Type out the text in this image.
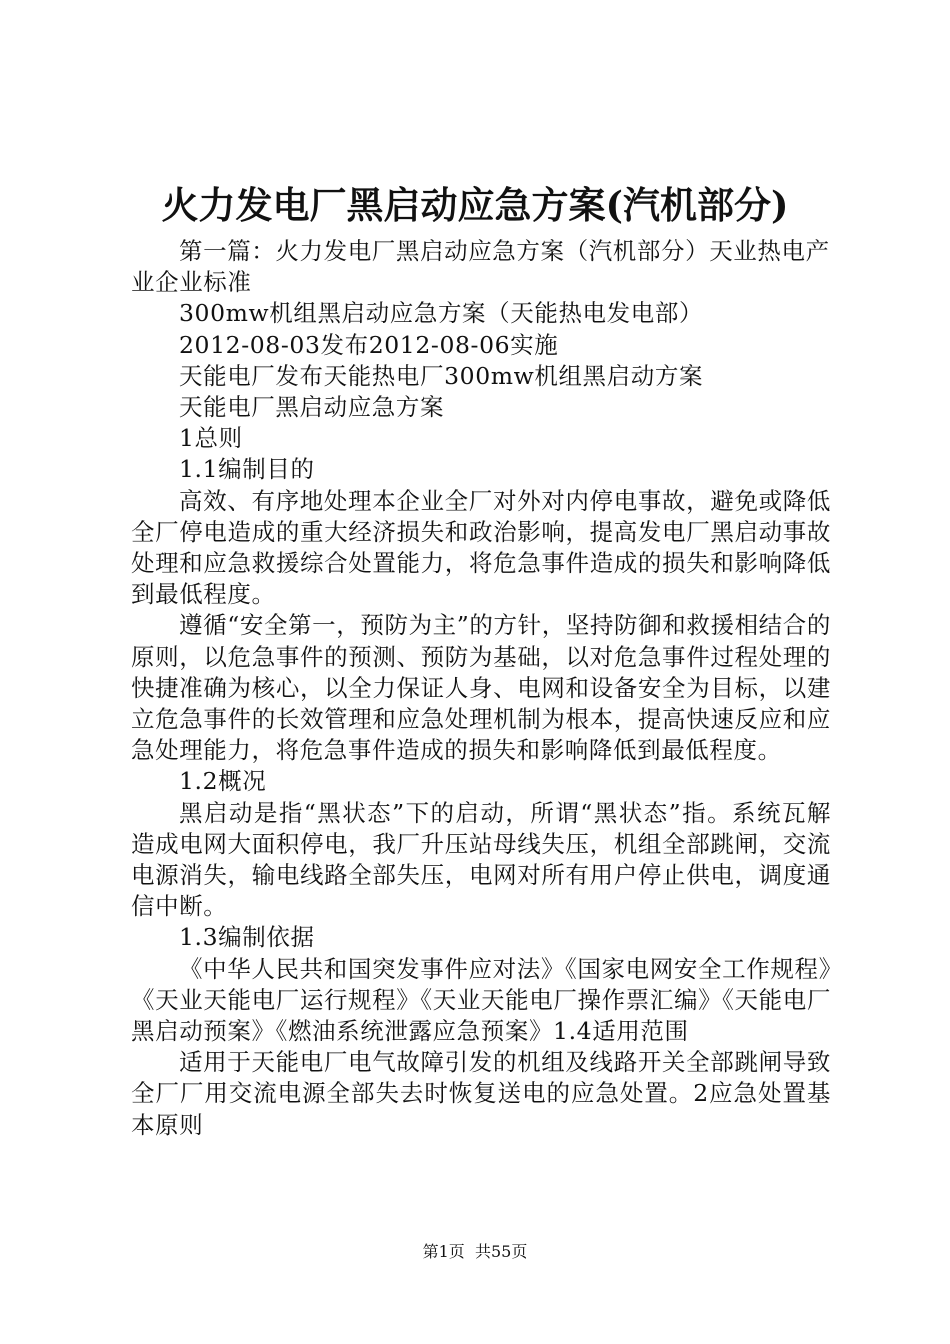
火力发电厂黑启动应急方案(汽机部分)

第一篇：火力发电厂黑启动应急方案（汽机部分）天业热电产业企业标准

300mw机组黑启动应急方案（天能热电发电部）

2012-08-03发布2012-08-06实施

天能电厂发布天能热电厂300mw机组黑启动方案

天能电厂黑启动应急方案

1总则

1.1编制目的

高效、有序地处理本企业全厂对外对内停电事故，避免或降低全厂停电造成的重大经济损失和政治影响，提高发电厂黑启动事故处理和应急救援综合处置能力，将危急事件造成的损失和影响降低到最低程度。

遵循“安全第一，预防为主”的方针，坚持防御和救援相结合的原则，以危急事件的预测、预防为基础，以对危急事件过程处理的快捷准确为核心，以全力保证人身、电网和设备安全为目标，以建立危急事件的长效管理和应急处理机制为根本，提高快速反应和应急处理能力，将危急事件造成的损失和影响降低到最低程度。

1.2概况

黑启动是指“黑状态”下的启动，所谓“黑状态”指。系统瓦解造成电网大面积停电，我厂升压站母线失压，机组全部跳闸，交流电源消失，输电线路全部失压，电网对所有用户停止供电，调度通信中断。

1.3编制依据

《中华人民共和国突发事件应对法》《国家电网安全工作规程》《天业天能电厂运行规程》《天业天能电厂操作票汇编》《天能电厂黑启动预案》《燃油系统泄露应急预案》1.4适用范围

适用于天能电厂电气故障引发的机组及线路开关全部跳闸导致全厂厂用交流电源全部失去时恢复送电的应急处置。2应急处置基本原则

第1页 共55页
